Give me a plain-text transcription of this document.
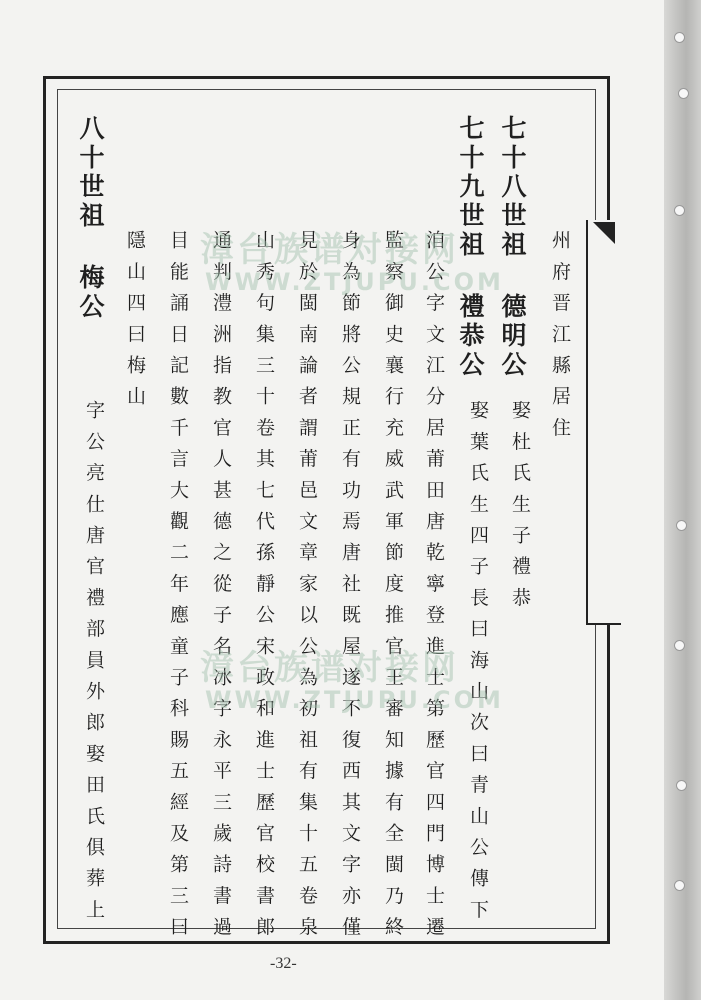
州府晋江縣居住
七十八世祖 德明公
七十九世祖 禮恭公
娶杜氏生子禮恭
娶葉氏生四子長曰海山次曰青山公傳下
洎公字文江分居莆田唐乾寧登進士第歷官四門博士遷
監察御史襄行充威武軍節度推官王審知據有全閩乃終
身為節將公規正有功焉唐社既屋遂不復西其文字亦僅
見於閩南論者謂莆邑文章家以公為初祖有集十五卷泉
山秀句集三十卷其七代孫靜公宋政和進士歷官校書郎
通判澧洲指教官人甚德之從子名冰字永平三歲詩書過
目能誦日記數千言大觀二年應童子科賜五經及第三曰
隱山四曰梅山
八十世祖 梅公
字公亮仕唐官禮部員外郎娶田氏俱葬上
漳台族谱对接网
WWW.ZTJUPU.COM
漳台族谱对接网
WWW.ZTJUPU.COM
-32-
